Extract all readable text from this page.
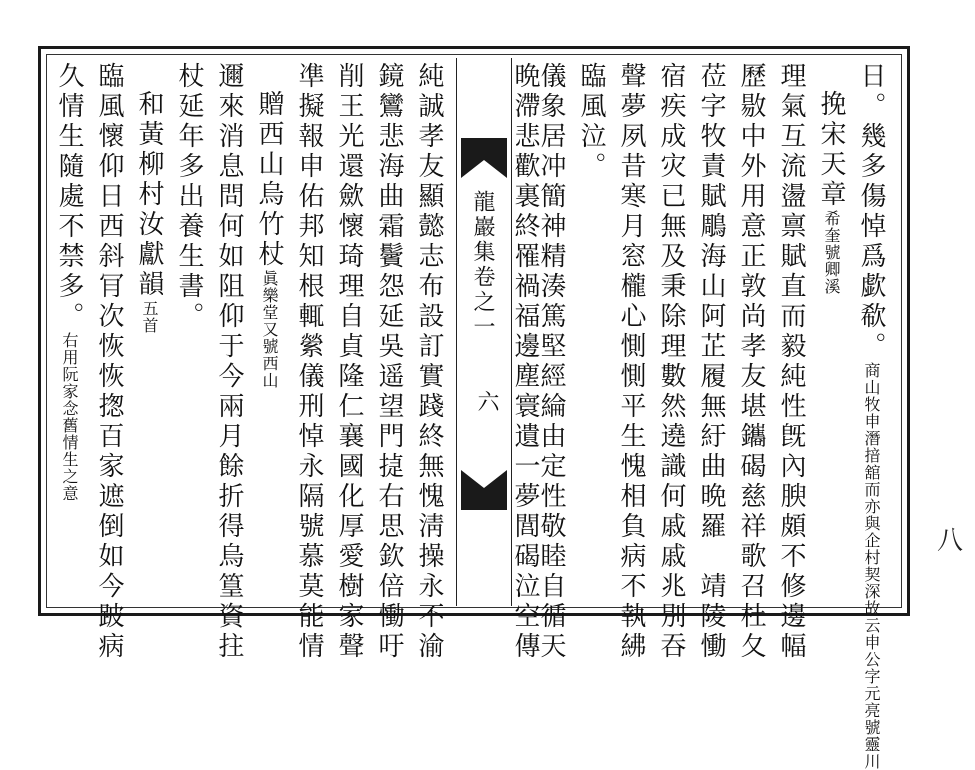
八
龍巖集卷之一
六
日。幾多傷悼爲歔欷。商山牧申潛揞舘而亦與企村契深故云申公字元亮號靈川
挽宋天章希奎號卿溪
理氣互流盪禀賦直而毅純性旣內腴頗不修邊幅
歷敭中外用意正敦尚孝友堪鑴碣慈祥歌召杜夂
莅字牧責賦鵰海山阿芷履無紆曲晩羅　靖陵慟
宿疾成灾已無及秉除理數然遶識何戚戚兆別吞
聲夢夙昔寒月窓櫳心惻惻平生愧相負病不執紼
臨風泣。
儀象居冲簡神精湊篤堅經綸由定性敬睦自循天
晩滯悲歡裏終罹禍福邊塵寰遺一夢閭碣泣空傳
純誠孝友顯懿志布設訂實踐終無愧淸操永不渝
鏡鸞悲海曲霜鬢怨延吳遥望門㨗右思欽倍慟吁
削王光還歛懷琦理自貞隆仁襄國化厚愛樹家聲
凖擬報申佑邦知根輒縈儀刑悼永隔號慕莫能情
贈西山烏竹杖眞樂堂又號西山
邇來消息問何如阻仰于今兩月餘折得烏篁資拄
杖延年多出養生書。
和黃柳村汝獻韻五首
臨風懷仰日西斜肎次恢恢揔百家遮倒如今跛病
久情生隨處不禁多。右用阮家念舊情生之意
